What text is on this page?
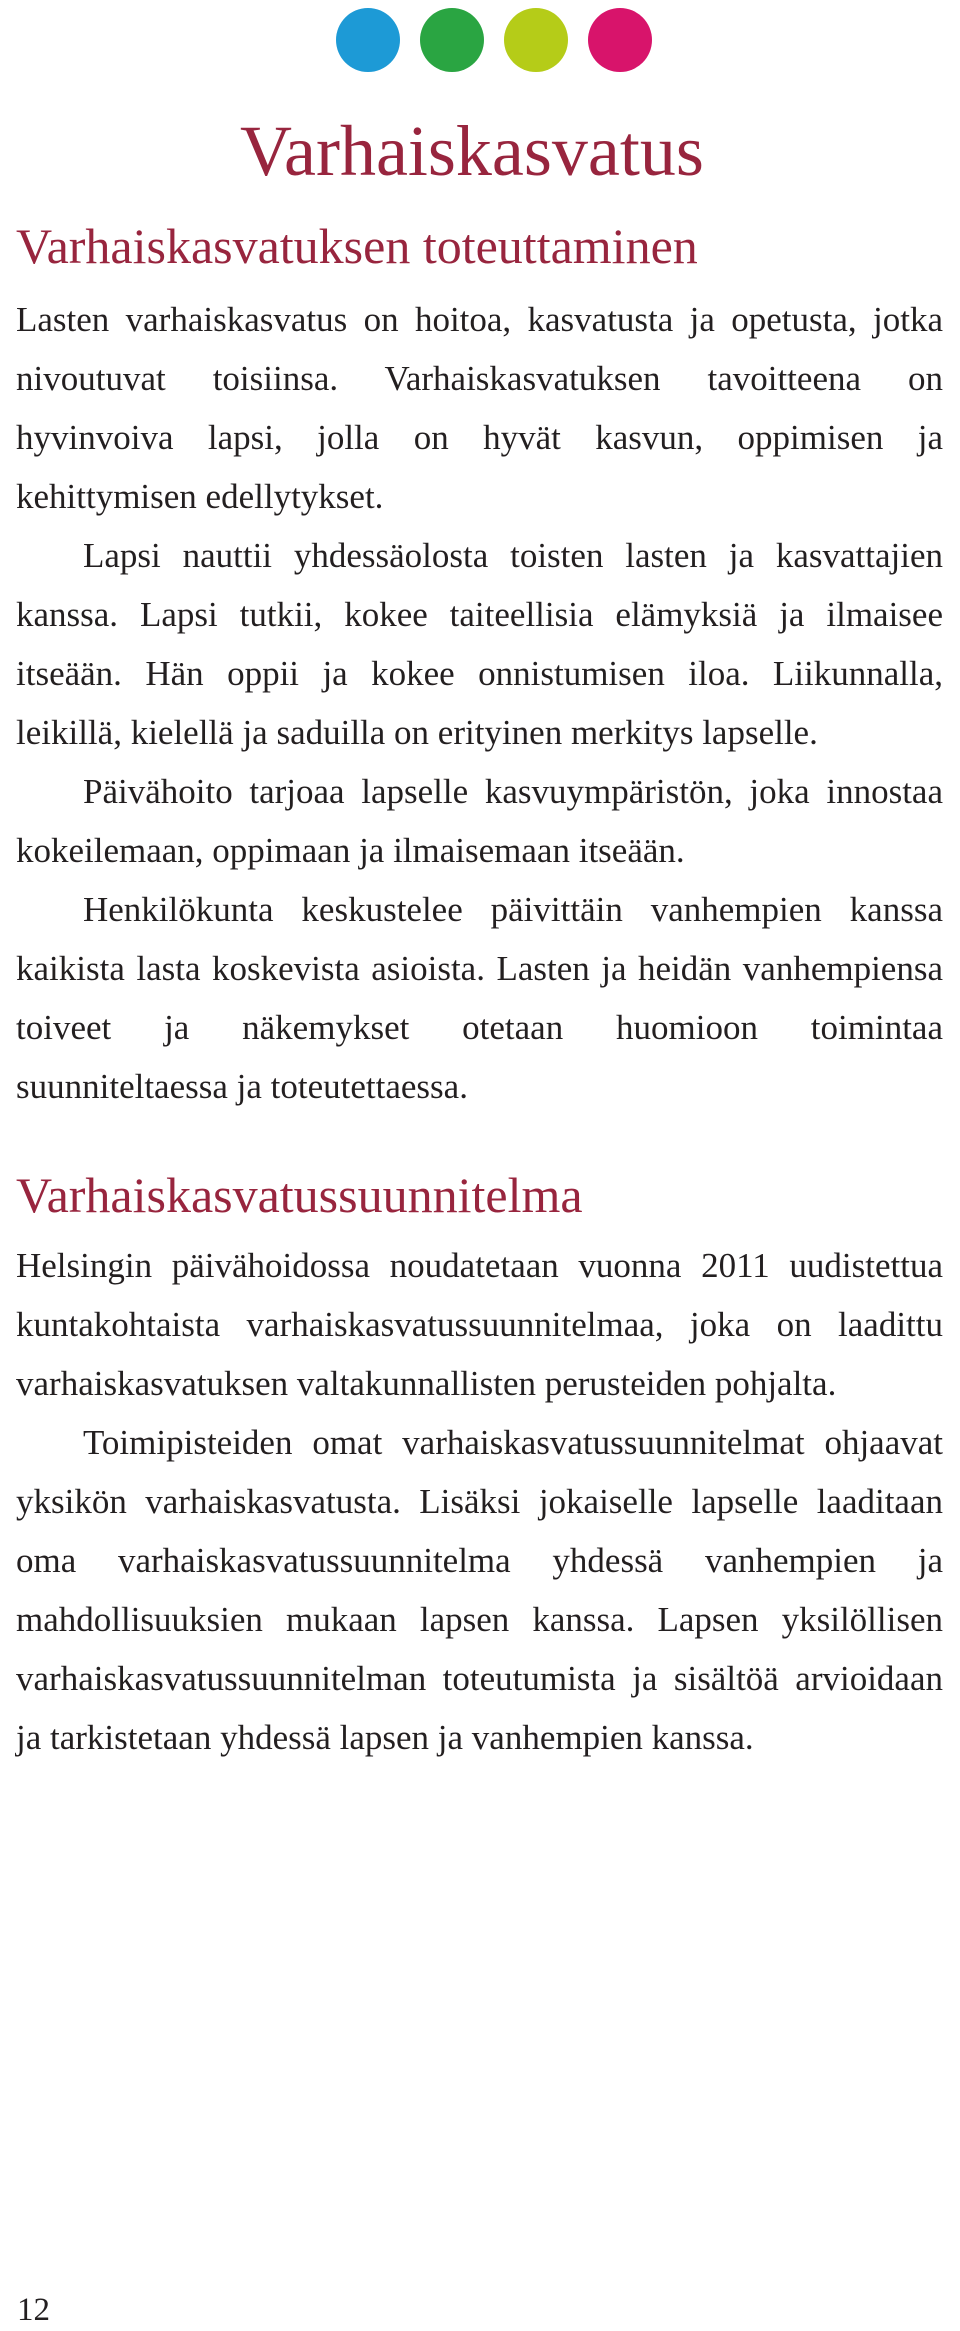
Varhaiskasvatus
Varhaiskasvatuksen toteuttaminen

Lasten varhaiskasvatus on hoitoa, kasvatusta ja opetusta, jotka nivoutuvat toisiinsa. Varhaiskasvatuksen tavoitteena on hyvinvoiva lapsi, jolla on hyvät kasvun, oppimisen ja kehittymisen edellytykset.

Lapsi nauttii yhdessäolosta toisten lasten ja kasvattajien kanssa. Lapsi tutkii, kokee taiteellisia elämyksiä ja ilmaisee itseään. Hän oppii ja kokee onnistumisen iloa. Liikunnalla, leikillä, kielellä ja saduilla on erityinen merkitys lapselle.

Päivähoito tarjoaa lapselle kasvuympäristön, joka innostaa kokeilemaan, oppimaan ja ilmaisemaan itseään.

Henkilökunta keskustelee päivittäin vanhempien kanssa kaikista lasta koskevista asioista. Lasten ja heidän vanhempiensa toiveet ja näkemykset otetaan huomioon toimintaa suunniteltaessa ja toteutettaessa.

Varhaiskasvatussuunnitelma

Helsingin päivähoidossa noudatetaan vuonna 2011 uudistettua kuntakohtaista varhaiskasvatussuunnitelmaa, joka on laadittu varhaiskasvatuksen valtakunnallisten perusteiden pohjalta.

Toimipisteiden omat varhaiskasvatussuunnitelmat ohjaavat yksikön varhaiskasvatusta. Lisäksi jokaiselle lapselle laaditaan oma varhaiskasvatussuunnitelma yhdessä vanhempien ja mahdollisuuksien mukaan lapsen kanssa. Lapsen yksilöllisen varhaiskasvatussuunnitelman toteutumista ja sisältöä arvioidaan ja tarkistetaan yhdessä lapsen ja vanhempien kanssa.

12
